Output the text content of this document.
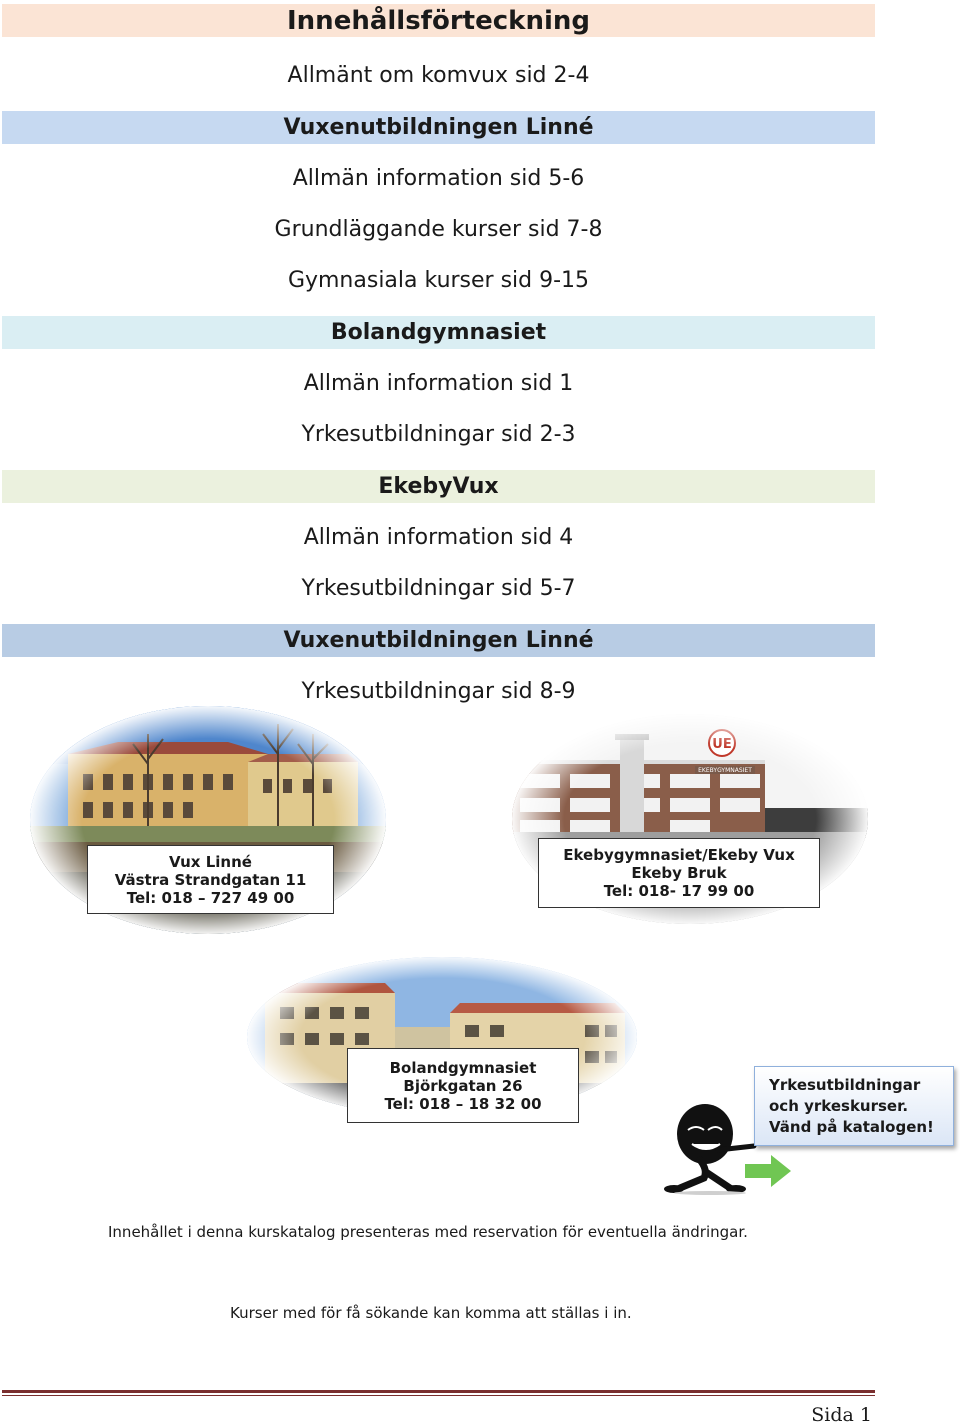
Innehållsförteckning
Allmänt om komvux sid 2-4
Vuxenutbildningen Linné
Allmän information sid 5-6
Grundläggande kurser sid 7-8
Gymnasiala kurser sid 9-15
Bolandgymnasiet
Allmän information sid 1
Yrkesutbildningar sid 2-3
EkebyVux
Allmän information sid 4
Yrkesutbildningar sid 5-7
Vuxenutbildningen Linné
Yrkesutbildningar sid 8-9
Vux Linné
Västra Strandgatan 11
Tel: 018 – 727 49 00
Ekebygymnasiet/Ekeby Vux
Ekeby Bruk
Tel: 018- 17 99 00
Bolandgymnasiet
Björkgatan 26
Tel: 018 – 18 32 00
Yrkesutbildningar
och yrkeskurser.
Vänd på katalogen!
Innehållet i denna kurskatalog presenteras med reservation för eventuella ändringar.
Kurser med för få sökande kan komma att ställas i in.
Sida 1
